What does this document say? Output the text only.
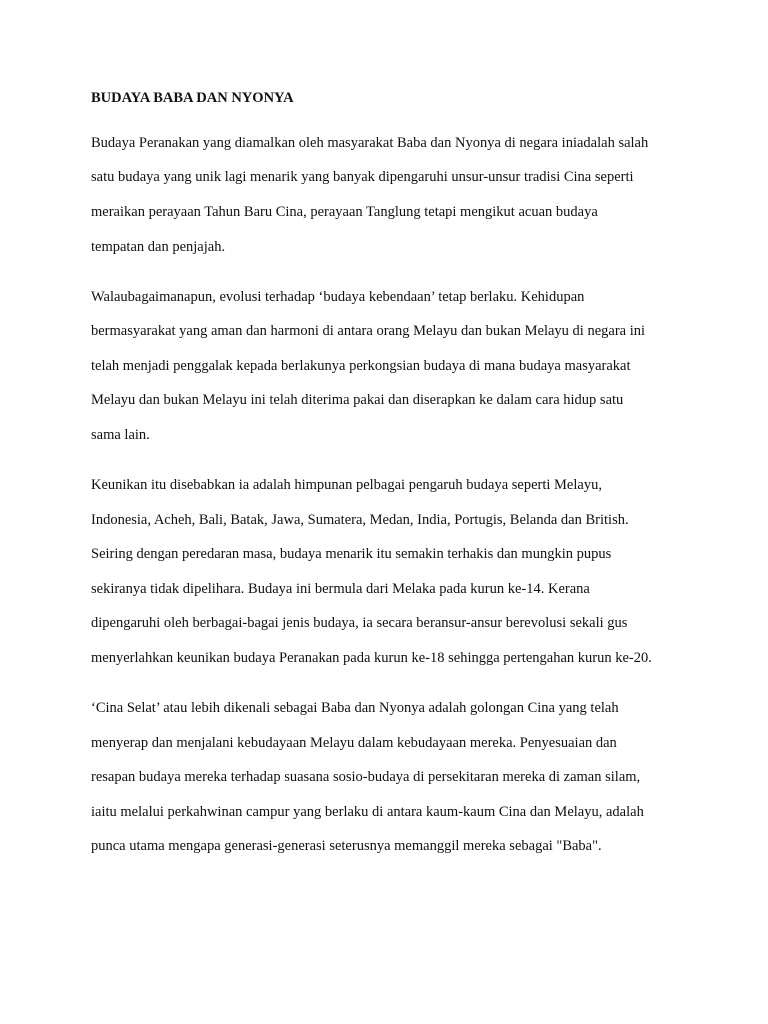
BUDAYA BABA DAN NYONYA
Budaya Peranakan yang diamalkan oleh masyarakat Baba dan Nyonya di negara iniadalah salah
satu budaya yang unik lagi menarik yang banyak dipengaruhi unsur-unsur tradisi Cina seperti
meraikan perayaan Tahun Baru Cina, perayaan Tanglung tetapi mengikut acuan budaya
tempatan dan penjajah.
Walaubagaimanapun, evolusi terhadap ‘budaya kebendaan’ tetap berlaku. Kehidupan
bermasyarakat yang aman dan harmoni di antara orang Melayu dan bukan Melayu di negara ini
telah menjadi penggalak kepada berlakunya perkongsian budaya di mana budaya masyarakat
Melayu dan bukan Melayu ini telah diterima pakai dan diserapkan ke dalam cara hidup satu
sama lain.
Keunikan itu disebabkan ia adalah himpunan pelbagai pengaruh budaya seperti Melayu,
Indonesia, Acheh, Bali, Batak, Jawa, Sumatera, Medan, India, Portugis, Belanda dan British.
Seiring dengan peredaran masa, budaya menarik itu semakin terhakis dan mungkin pupus
sekiranya tidak dipelihara. Budaya ini bermula dari Melaka pada kurun ke-14. Kerana
dipengaruhi oleh berbagai-bagai jenis budaya, ia secara beransur-ansur berevolusi sekali gus
menyerlahkan keunikan budaya Peranakan pada kurun ke-18 sehingga pertengahan kurun ke-20.
‘Cina Selat’ atau lebih dikenali sebagai Baba dan Nyonya adalah golongan Cina yang telah
menyerap dan menjalani kebudayaan Melayu dalam kebudayaan mereka. Penyesuaian dan
resapan budaya mereka terhadap suasana sosio-budaya di persekitaran mereka di zaman silam,
iaitu melalui perkahwinan campur yang berlaku di antara kaum-kaum Cina dan Melayu, adalah
punca utama mengapa generasi-generasi seterusnya memanggil mereka sebagai "Baba".
